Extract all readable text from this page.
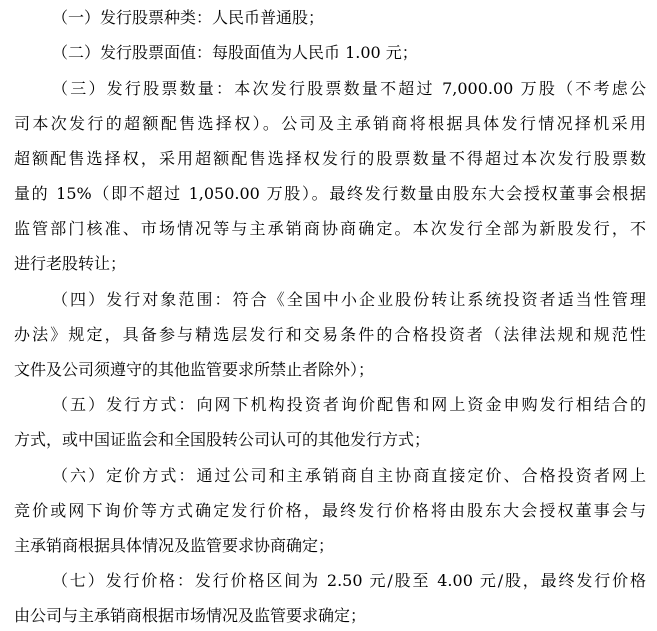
（一）发行股票种类：人民币普通股；
（二）发行股票面值：每股面值为人民币 1.00 元；
（三）发行股票数量：本次发行股票数量不超过 7,000.00 万股（不考虑公
司本次发行的超额配售选择权）。公司及主承销商将根据具体发行情况择机采用
超额配售选择权，采用超额配售选择权发行的股票数量不得超过本次发行股票数
量的 15%（即不超过 1,050.00 万股）。最终发行数量由股东大会授权董事会根据
监管部门核准、市场情况等与主承销商协商确定。本次发行全部为新股发行，不
进行老股转让；
（四）发行对象范围：符合《全国中小企业股份转让系统投资者适当性管理
办法》规定，具备参与精选层发行和交易条件的合格投资者（法律法规和规范性
文件及公司须遵守的其他监管要求所禁止者除外）；
（五）发行方式：向网下机构投资者询价配售和网上资金申购发行相结合的
方式，或中国证监会和全国股转公司认可的其他发行方式；
（六）定价方式：通过公司和主承销商自主协商直接定价、合格投资者网上
竞价或网下询价等方式确定发行价格，最终发行价格将由股东大会授权董事会与
主承销商根据具体情况及监管要求协商确定；
（七）发行价格：发行价格区间为 2.50 元/股至 4.00 元/股，最终发行价格
由公司与主承销商根据市场情况及监管要求确定；
